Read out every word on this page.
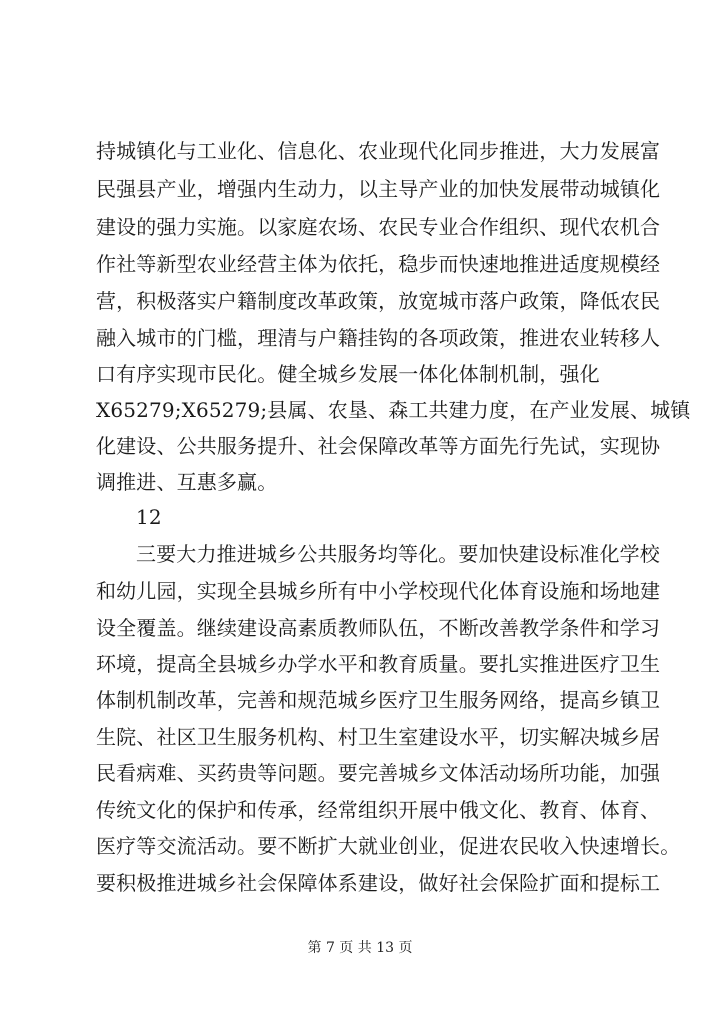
持城镇化与工业化、信息化、农业现代化同步推进，大力发展富
民强县产业，增强内生动力，以主导产业的加快发展带动城镇化
建设的强力实施。以家庭农场、农民专业合作组织、现代农机合
作社等新型农业经营主体为依托，稳步而快速地推进适度规模经
营，积极落实户籍制度改革政策，放宽城市落户政策，降低农民
融入城市的门槛，理清与户籍挂钩的各项政策，推进农业转移人
口有序实现市民化。健全城乡发展一体化体制机制，强化
X65279;X65279;县属、农垦、森工共建力度，在产业发展、城镇
化建设、公共服务提升、社会保障改革等方面先行先试，实现协
调推进、互惠多赢。
12
三要大力推进城乡公共服务均等化。要加快建设标准化学校
和幼儿园，实现全县城乡所有中小学校现代化体育设施和场地建
设全覆盖。继续建设高素质教师队伍，不断改善教学条件和学习
环境，提高全县城乡办学水平和教育质量。要扎实推进医疗卫生
体制机制改革，完善和规范城乡医疗卫生服务网络，提高乡镇卫
生院、社区卫生服务机构、村卫生室建设水平，切实解决城乡居
民看病难、买药贵等问题。要完善城乡文体活动场所功能，加强
传统文化的保护和传承，经常组织开展中俄文化、教育、体育、
医疗等交流活动。要不断扩大就业创业，促进农民收入快速增长。
要积极推进城乡社会保障体系建设，做好社会保险扩面和提标工
第 7 页 共 13 页
